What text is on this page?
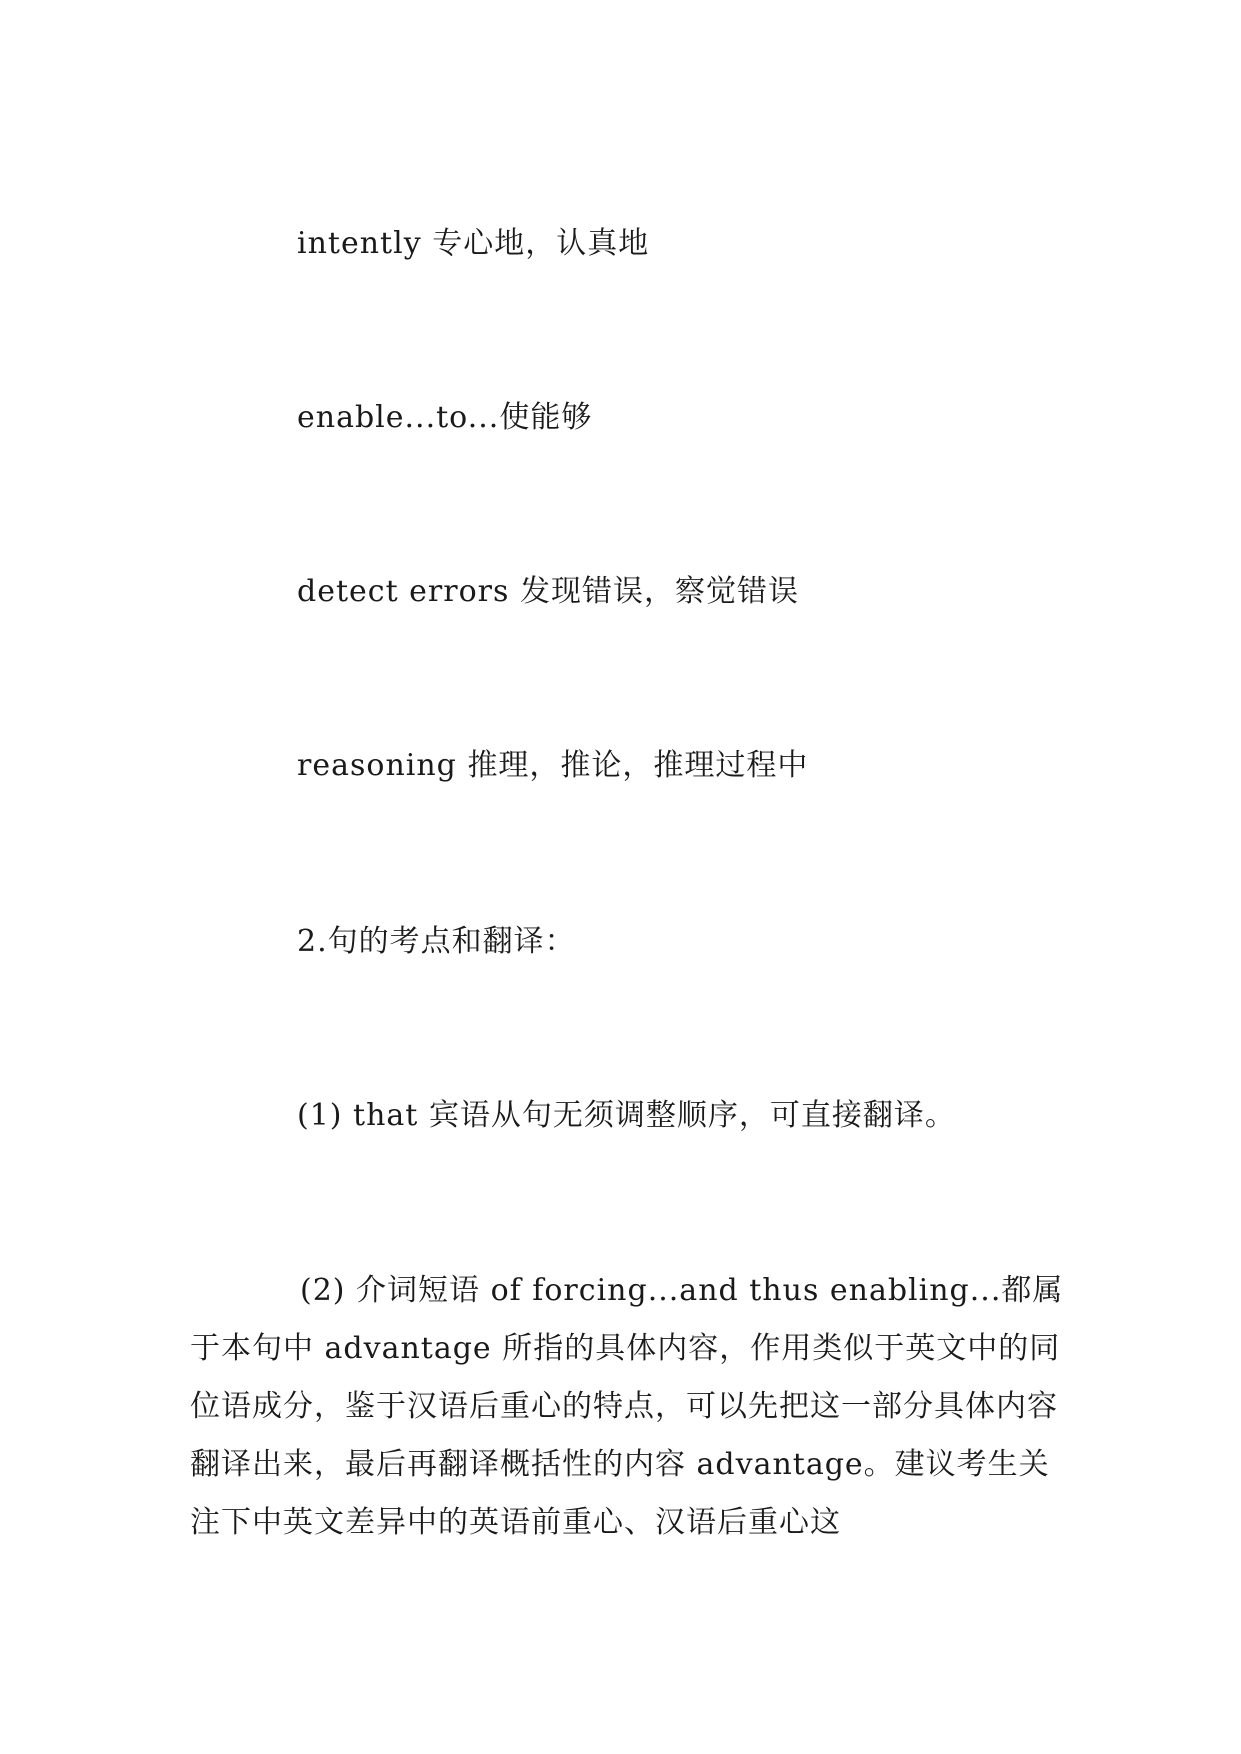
intently 专心地，认真地
enable...to...使能够
detect errors 发现错误，察觉错误
reasoning 推理，推论，推理过程中
2.句的考点和翻译：
(1) that 宾语从句无须调整顺序，可直接翻译。

(2) 介词短语 of forcing...and thus enabling...都属于本句中 advantage 所指的具体内容，作用类似于英文中的同位语成分，鉴于汉语后重心的特点，可以先把这一部分具体内容翻译出来，最后再翻译概括性的内容 advantage。建议考生关注下中英文差异中的英语前重心、汉语后重心这
